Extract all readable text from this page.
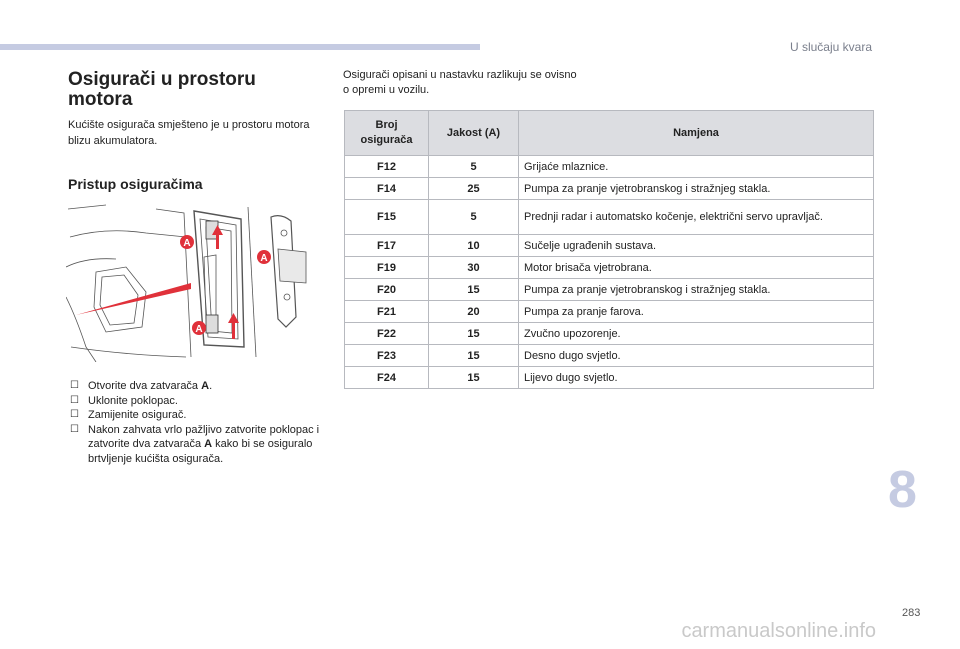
U slučaju kvara
Osigurači u prostoru motora
Kućište osigurača smješteno je u prostoru motora blizu akumulatora.
Pristup osiguračima
A
A
A
☐ Otvorite dva zatvarača A.
☐ Uklonite poklopac.
☐ Zamijenite osigurač.
☐ Nakon zahvata vrlo pažljivo zatvorite poklopac i zatvorite dva zatvarača A kako bi se osiguralo brtvljenje kućišta osigurača.
Osigurači opisani u nastavku razlikuju se ovisno o opremi u vozilu.
Broj osigurača	Jakost (A)	Namjena
F12	5	Grijaće mlaznice.
F14	25	Pumpa za pranje vjetrobranskog i stražnjeg stakla.
F15	5	Prednji radar i automatsko kočenje, električni servo upravljač.
F17	10	Sučelje ugrađenih sustava.
F19	30	Motor brisača vjetrobrana.
F20	15	Pumpa za pranje vjetrobranskog i stražnjeg stakla.
F21	20	Pumpa za pranje farova.
F22	15	Zvučno upozorenje.
F23	15	Desno dugo svjetlo.
F24	15	Lijevo dugo svjetlo.
8
283
carmanualsonline.info
